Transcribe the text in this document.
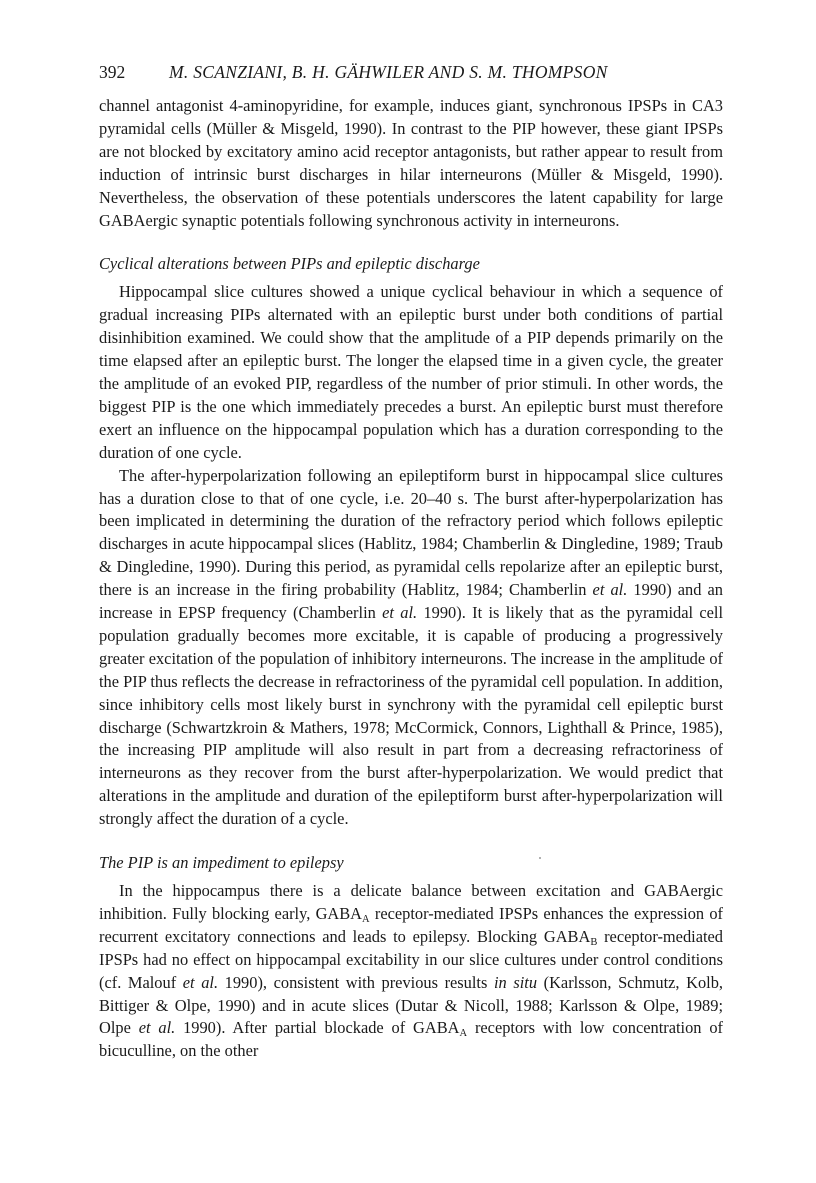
392	M. SCANZIANI, B. H. GÄHWILER AND S. M. THOMPSON

channel antagonist 4-aminopyridine, for example, induces giant, synchronous IPSPs in CA3 pyramidal cells (Müller & Misgeld, 1990). In contrast to the PIP however, these giant IPSPs are not blocked by excitatory amino acid receptor antagonists, but rather appear to result from induction of intrinsic burst discharges in hilar interneurons (Müller & Misgeld, 1990). Nevertheless, the observation of these potentials underscores the latent capability for large GABAergic synaptic potentials following synchronous activity in interneurons.

Cyclical alterations between PIPs and epileptic discharge

Hippocampal slice cultures showed a unique cyclical behaviour in which a sequence of gradual increasing PIPs alternated with an epileptic burst under both conditions of partial disinhibition examined. We could show that the amplitude of a PIP depends primarily on the time elapsed after an epileptic burst. The longer the elapsed time in a given cycle, the greater the amplitude of an evoked PIP, regardless of the number of prior stimuli. In other words, the biggest PIP is the one which immediately precedes a burst. An epileptic burst must therefore exert an influence on the hippocampal population which has a duration corresponding to the duration of one cycle.

The after-hyperpolarization following an epileptiform burst in hippocampal slice cultures has a duration close to that of one cycle, i.e. 20–40 s. The burst after-hyperpolarization has been implicated in determining the duration of the refractory period which follows epileptic discharges in acute hippocampal slices (Hablitz, 1984; Chamberlin & Dingledine, 1989; Traub & Dingledine, 1990). During this period, as pyramidal cells repolarize after an epileptic burst, there is an increase in the firing probability (Hablitz, 1984; Chamberlin et al. 1990) and an increase in EPSP frequency (Chamberlin et al. 1990). It is likely that as the pyramidal cell population gradually becomes more excitable, it is capable of producing a progressively greater excitation of the population of inhibitory interneurons. The increase in the amplitude of the PIP thus reflects the decrease in refractoriness of the pyramidal cell population. In addition, since inhibitory cells most likely burst in synchrony with the pyramidal cell epileptic burst discharge (Schwartzkroin & Mathers, 1978; McCormick, Connors, Lighthall & Prince, 1985), the increasing PIP amplitude will also result in part from a decreasing refractoriness of interneurons as they recover from the burst after-hyperpolarization. We would predict that alterations in the amplitude and duration of the epileptiform burst after-hyperpolarization will strongly affect the duration of a cycle.

The PIP is an impediment to epilepsy

In the hippocampus there is a delicate balance between excitation and GABAergic inhibition. Fully blocking early, GABAA receptor-mediated IPSPs enhances the expression of recurrent excitatory connections and leads to epilepsy. Blocking GABAB receptor-mediated IPSPs had no effect on hippocampal excitability in our slice cultures under control conditions (cf. Malouf et al. 1990), consistent with previous results in situ (Karlsson, Schmutz, Kolb, Bittiger & Olpe, 1990) and in acute slices (Dutar & Nicoll, 1988; Karlsson & Olpe, 1989; Olpe et al. 1990). After partial blockade of GABAA receptors with low concentration of bicuculline, on the other
